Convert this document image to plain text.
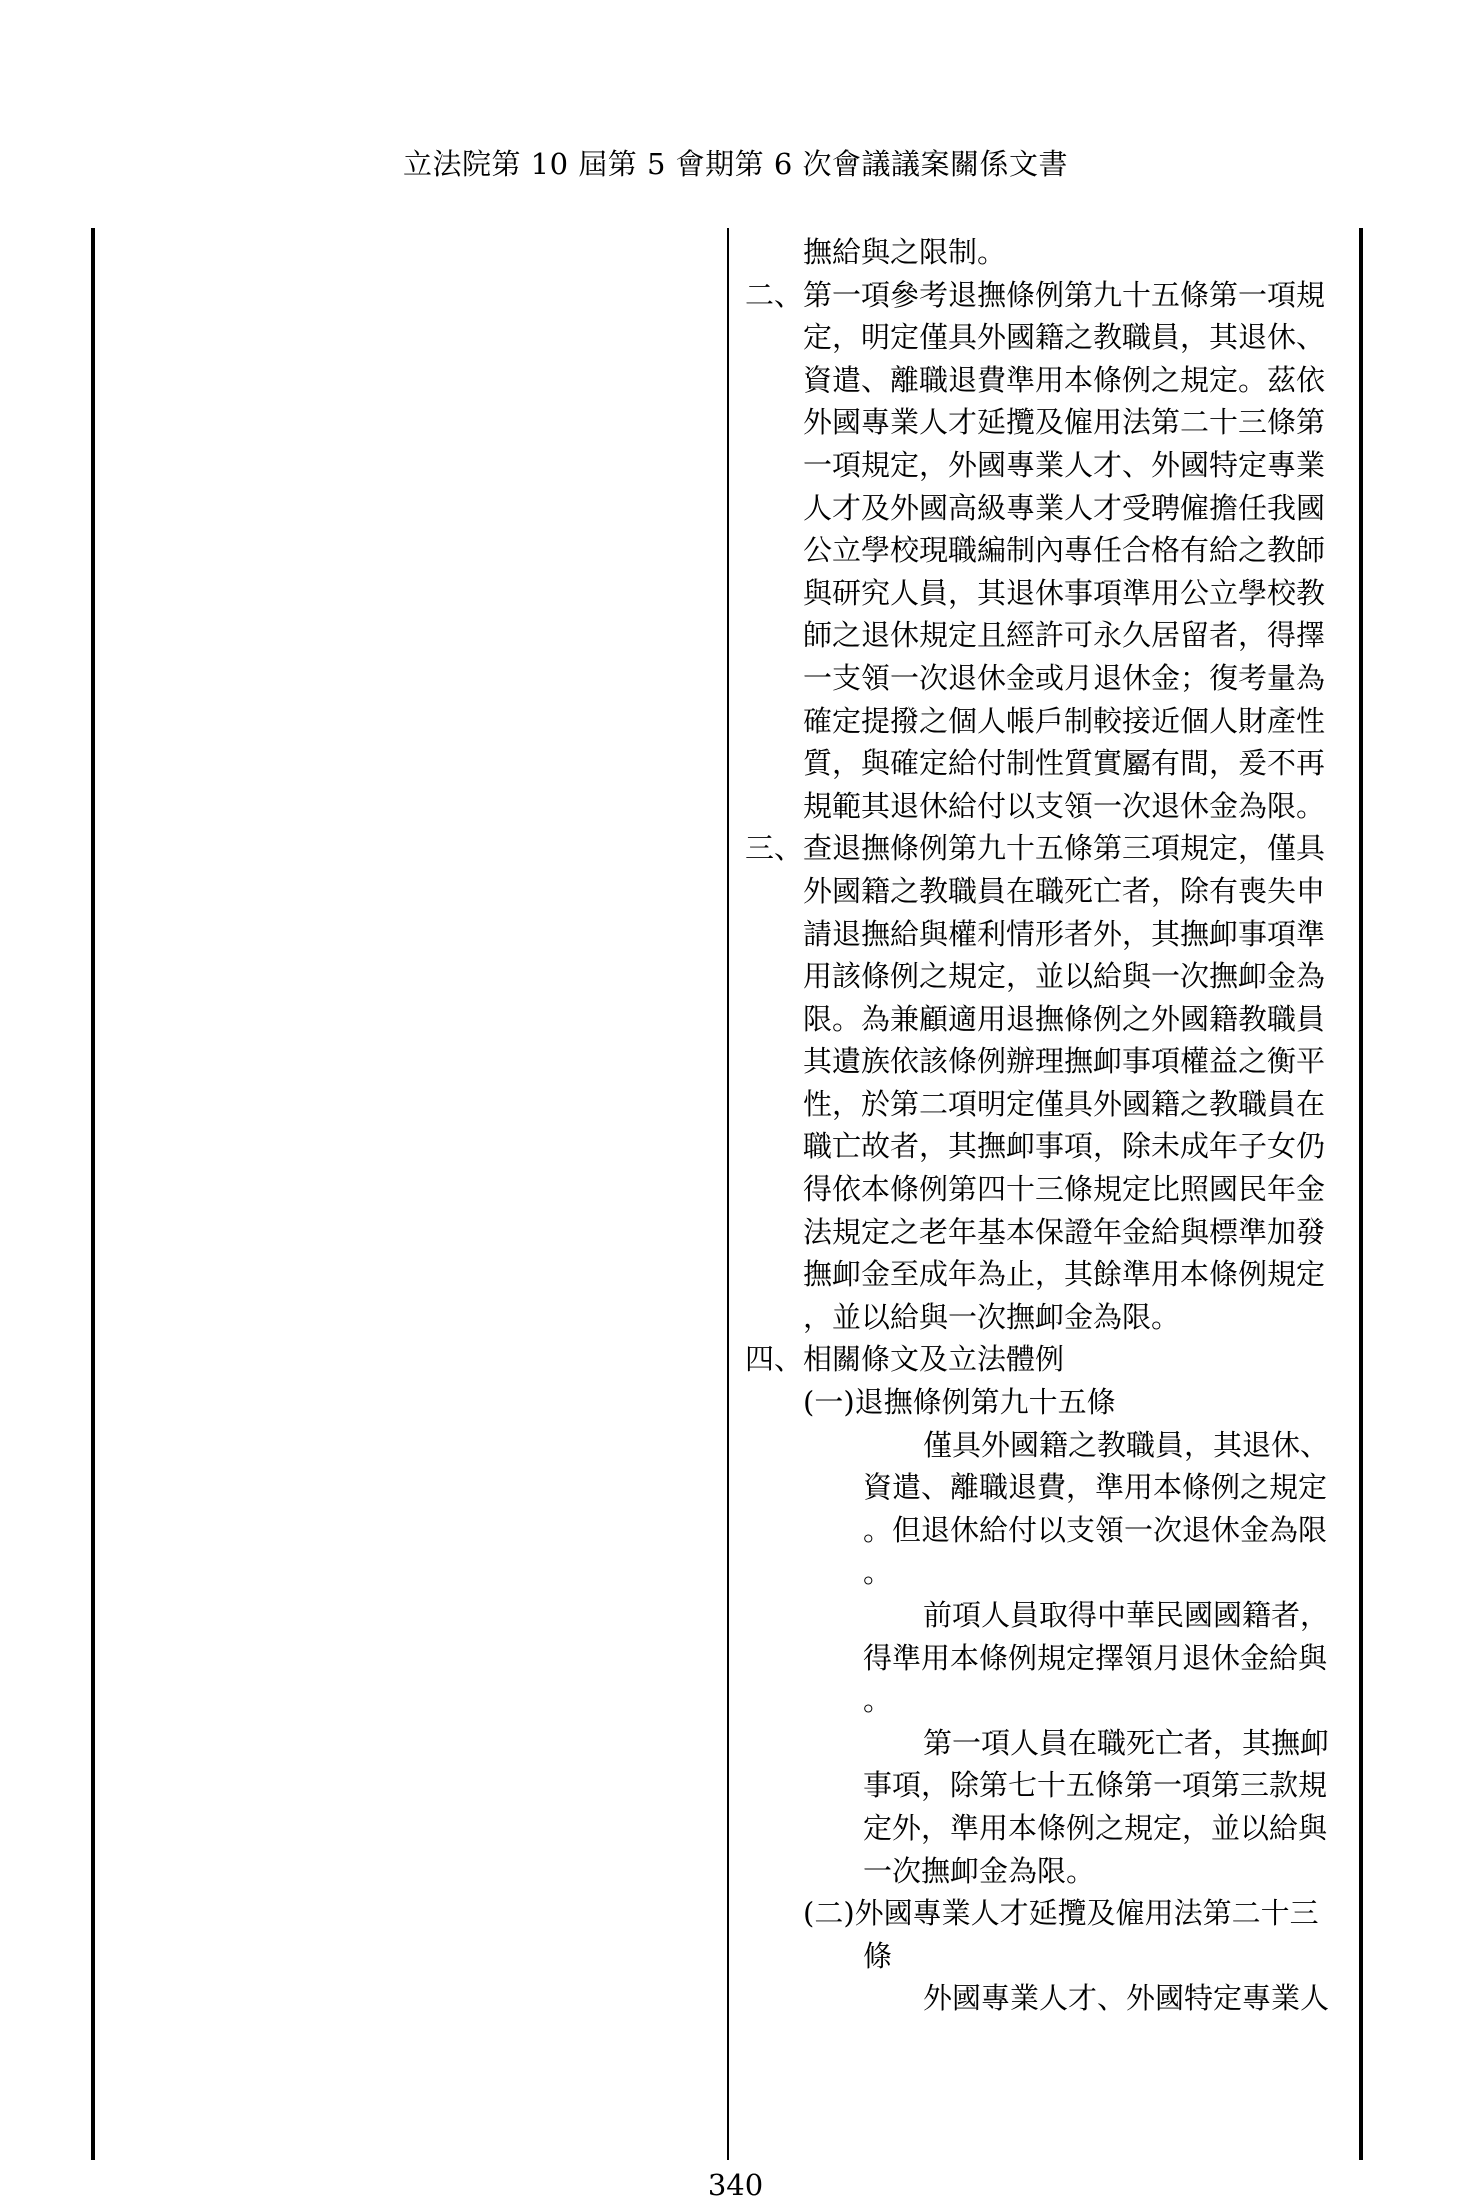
立法院第 10 屆第 5 會期第 6 次會議議案關係文書
撫給與之限制。
二、第一項參考退撫條例第九十五條第一項規
定，明定僅具外國籍之教職員，其退休、
資遣、離職退費準用本條例之規定。茲依
外國專業人才延攬及僱用法第二十三條第
一項規定，外國專業人才、外國特定專業
人才及外國高級專業人才受聘僱擔任我國
公立學校現職編制內專任合格有給之教師
與研究人員，其退休事項準用公立學校教
師之退休規定且經許可永久居留者，得擇
一支領一次退休金或月退休金；復考量為
確定提撥之個人帳戶制較接近個人財產性
質，與確定給付制性質實屬有間，爰不再
規範其退休給付以支領一次退休金為限。
三、查退撫條例第九十五條第三項規定，僅具
外國籍之教職員在職死亡者，除有喪失申
請退撫給與權利情形者外，其撫卹事項準
用該條例之規定，並以給與一次撫卹金為
限。為兼顧適用退撫條例之外國籍教職員
其遺族依該條例辦理撫卹事項權益之衡平
性，於第二項明定僅具外國籍之教職員在
職亡故者，其撫卹事項，除未成年子女仍
得依本條例第四十三條規定比照國民年金
法規定之老年基本保證年金給與標準加發
撫卹金至成年為止，其餘準用本條例規定
，並以給與一次撫卹金為限。
四、相關條文及立法體例
(一)退撫條例第九十五條
僅具外國籍之教職員，其退休、
資遣、離職退費，準用本條例之規定
。但退休給付以支領一次退休金為限
。
前項人員取得中華民國國籍者，
得準用本條例規定擇領月退休金給與
。
第一項人員在職死亡者，其撫卹
事項，除第七十五條第一項第三款規
定外，準用本條例之規定，並以給與
一次撫卹金為限。
(二)外國專業人才延攬及僱用法第二十三
條
外國專業人才、外國特定專業人
340
